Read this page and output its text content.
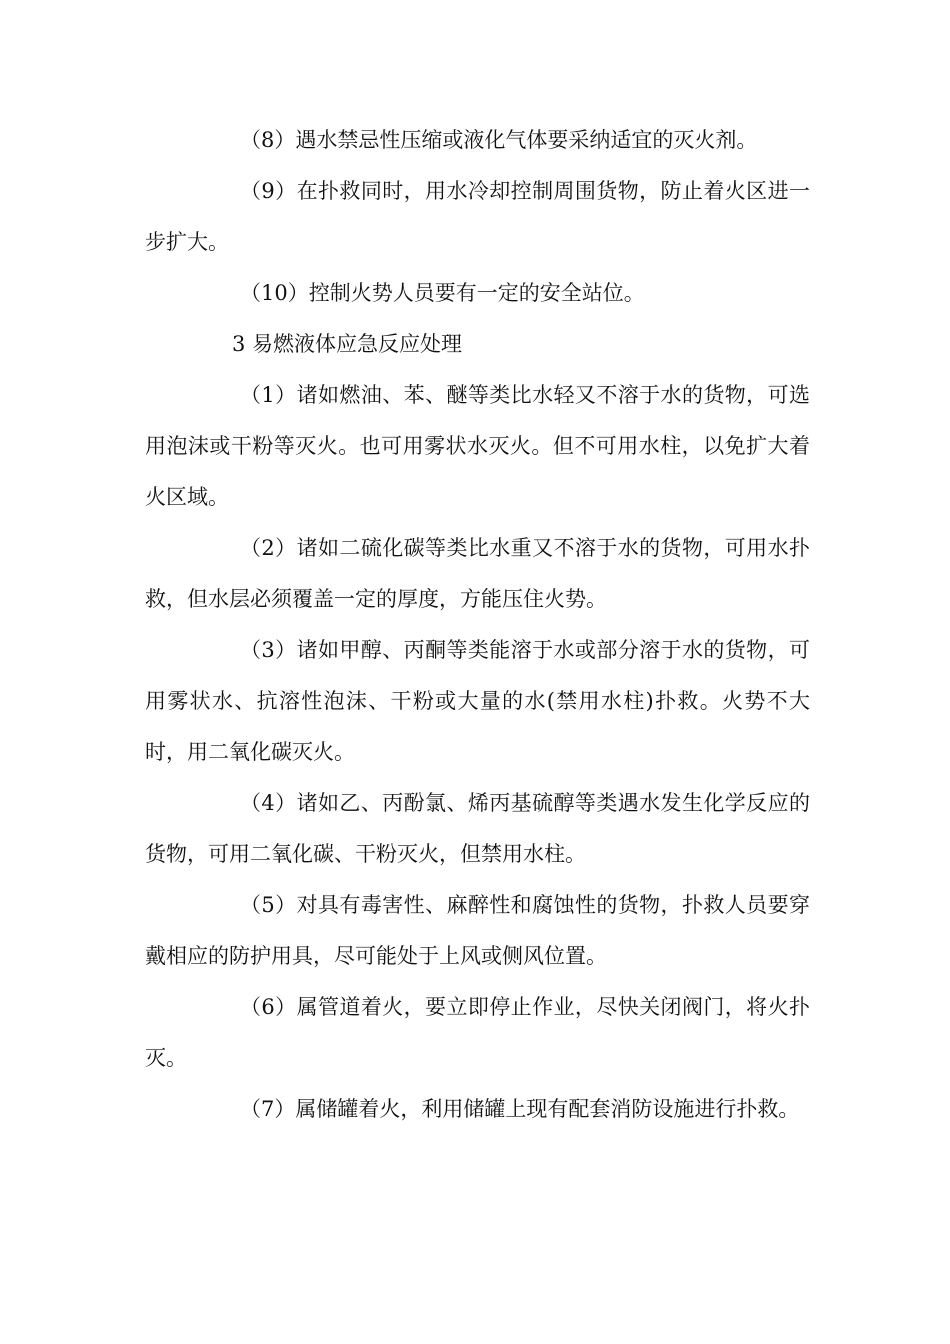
（8）遇水禁忌性压缩或液化气体要采纳适宜的灭火剂。

（9）在扑救同时，用水冷却控制周围货物，防止着火区进一步扩大。

（10）控制火势人员要有一定的安全站位。

3 易燃液体应急反应处理

（1）诸如燃油、苯、醚等类比水轻又不溶于水的货物，可选用泡沫或干粉等灭火。也可用雾状水灭火。但不可用水柱，以免扩大着火区域。

（2）诸如二硫化碳等类比水重又不溶于水的货物，可用水扑救，但水层必须覆盖一定的厚度，方能压住火势。

（3）诸如甲醇、丙酮等类能溶于水或部分溶于水的货物，可用雾状水、抗溶性泡沫、干粉或大量的水(禁用水柱)扑救。火势不大时，用二氧化碳灭火。

（4）诸如乙、丙酚氯、烯丙基硫醇等类遇水发生化学反应的货物，可用二氧化碳、干粉灭火，但禁用水柱。

（5）对具有毒害性、麻醉性和腐蚀性的货物，扑救人员要穿戴相应的防护用具，尽可能处于上风或侧风位置。

（6）属管道着火，要立即停止作业，尽快关闭阀门，将火扑灭。

（7）属储罐着火，利用储罐上现有配套消防设施进行扑救。
